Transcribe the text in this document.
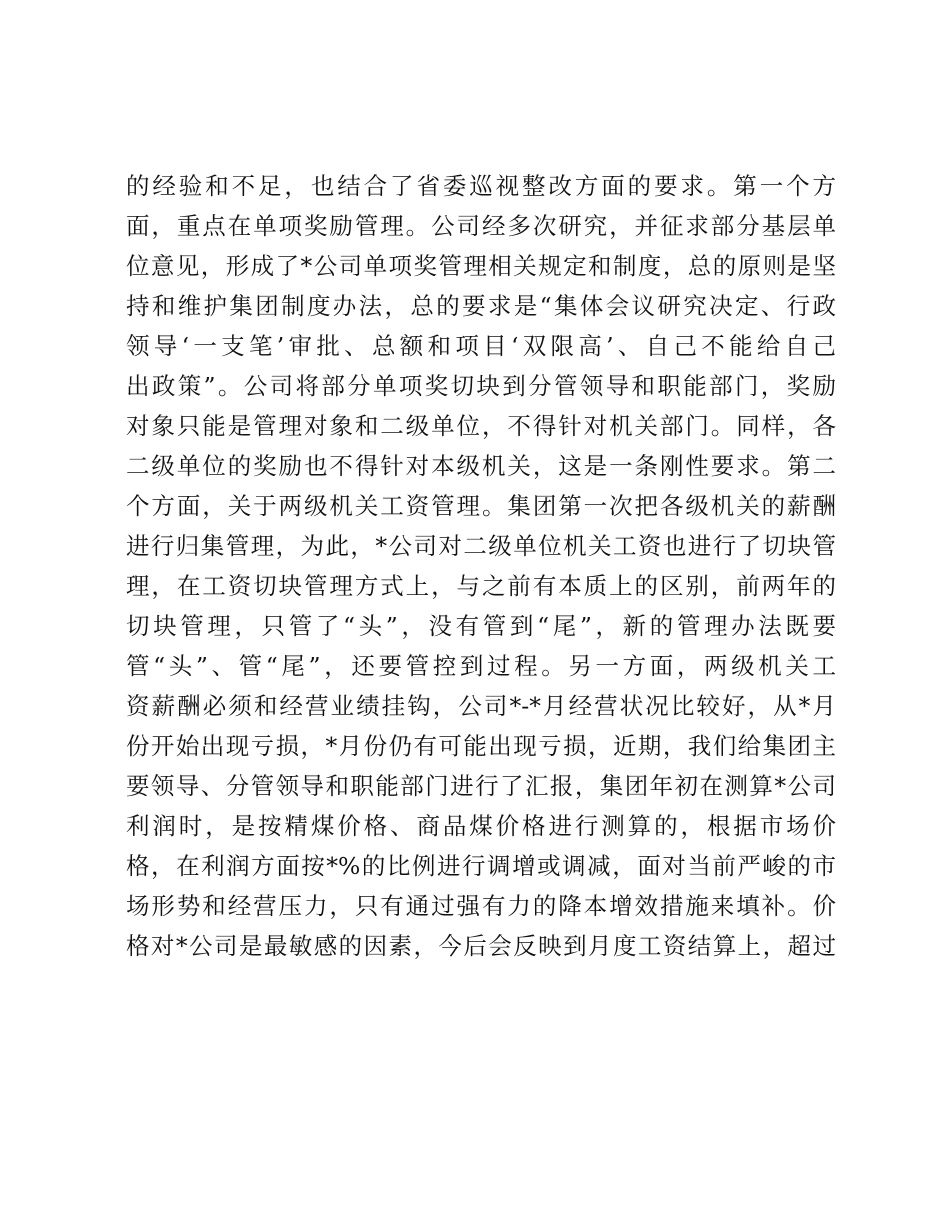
的经验和不足，也结合了省委巡视整改方面的要求。第一个方
面，重点在单项奖励管理。公司经多次研究，并征求部分基层单
位意见，形成了*公司单项奖管理相关规定和制度，总的原则是坚
持和维护集团制度办法，总的要求是“集体会议研究决定、行政
领导‘一支笔’审批、总额和项目‘双限高’、自己不能给自己
出政策”。公司将部分单项奖切块到分管领导和职能部门，奖励
对象只能是管理对象和二级单位，不得针对机关部门。同样，各
二级单位的奖励也不得针对本级机关，这是一条刚性要求。第二
个方面，关于两级机关工资管理。集团第一次把各级机关的薪酬
进行归集管理，为此，*公司对二级单位机关工资也进行了切块管
理，在工资切块管理方式上，与之前有本质上的区别，前两年的
切块管理，只管了“头”，没有管到“尾”，新的管理办法既要
管“头”、管“尾”，还要管控到过程。另一方面，两级机关工
资薪酬必须和经营业绩挂钩，公司*-*月经营状况比较好，从*月
份开始出现亏损，*月份仍有可能出现亏损，近期，我们给集团主
要领导、分管领导和职能部门进行了汇报，集团年初在测算*公司
利润时，是按精煤价格、商品煤价格进行测算的，根据市场价
格，在利润方面按*%的比例进行调增或调减，面对当前严峻的市
场形势和经营压力，只有通过强有力的降本增效措施来填补。价
格对*公司是最敏感的因素，今后会反映到月度工资结算上，超过
